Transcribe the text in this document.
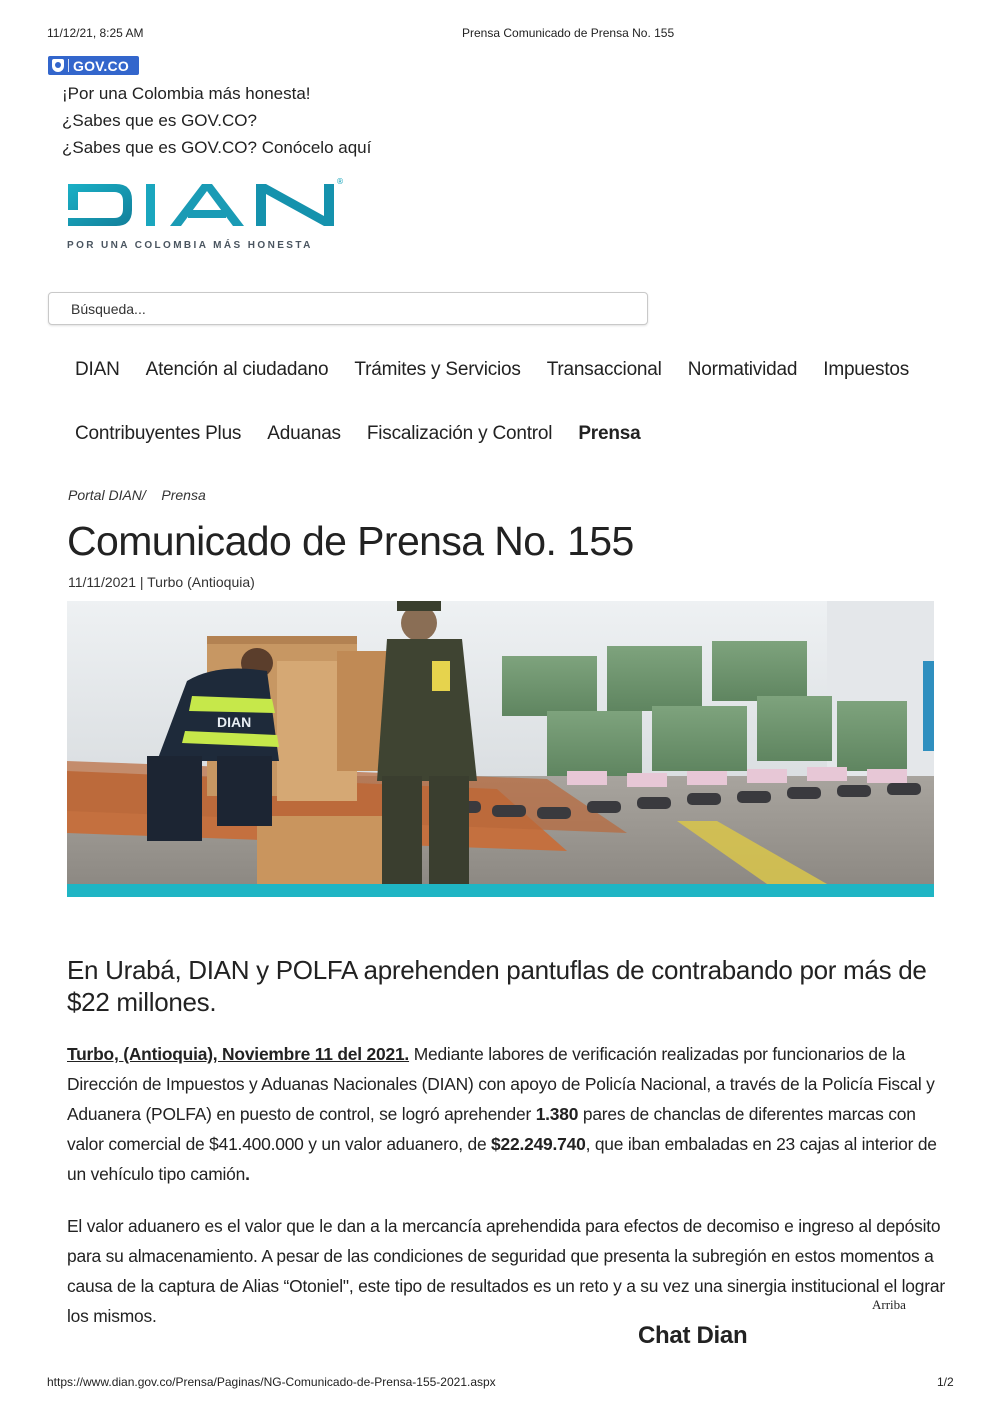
11/12/21, 8:25 AM	Prensa Comunicado de Prensa No. 155
GOV.CO
¡Por una Colombia más honesta!
¿Sabes que es GOV.CO?
¿Sabes que es GOV.CO? Conócelo aquí
®
POR UNA COLOMBIA MÁS HONESTA
Búsqueda...
DIAN	Atención al ciudadano	Trámites y Servicios	Transaccional	Normatividad	Impuestos
Contribuyentes Plus	Aduanas	Fiscalización y Control	Prensa
Portal DIAN/ Prensa
Comunicado de Prensa No. 155
11/11/2021 | Turbo (Antioquia)
DIAN
En Urabá, DIAN y POLFA aprehenden pantuflas de contrabando por más de $22 millones.
Turbo, (Antioquia), Noviembre 11 del 2021. Mediante labores de verificación realizadas por funcionarios de la Dirección de Impuestos y Aduanas Nacionales (DIAN) con apoyo de Policía Nacional, a través de la Policía Fiscal y Aduanera (POLFA) en puesto de control, se logró aprehender 1.380 pares de chanclas de diferentes marcas con valor comercial de $41.400.000 y un valor aduanero, de $22.249.740, que iban embaladas en 23 cajas al interior de un vehículo tipo camión.
El valor aduanero es el valor que le dan a la mercancía aprehendida para efectos de decomiso e ingreso al depósito para su almacenamiento. A pesar de las condiciones de seguridad que presenta la subregión en estos momentos a causa de la captura de Alias “Otoniel", este tipo de resultados es un reto y a su vez una sinergia institucional el lograr los mismos.
Arriba
Chat Dian
https://www.dian.gov.co/Prensa/Paginas/NG-Comunicado-de-Prensa-155-2021.aspx	1/2
